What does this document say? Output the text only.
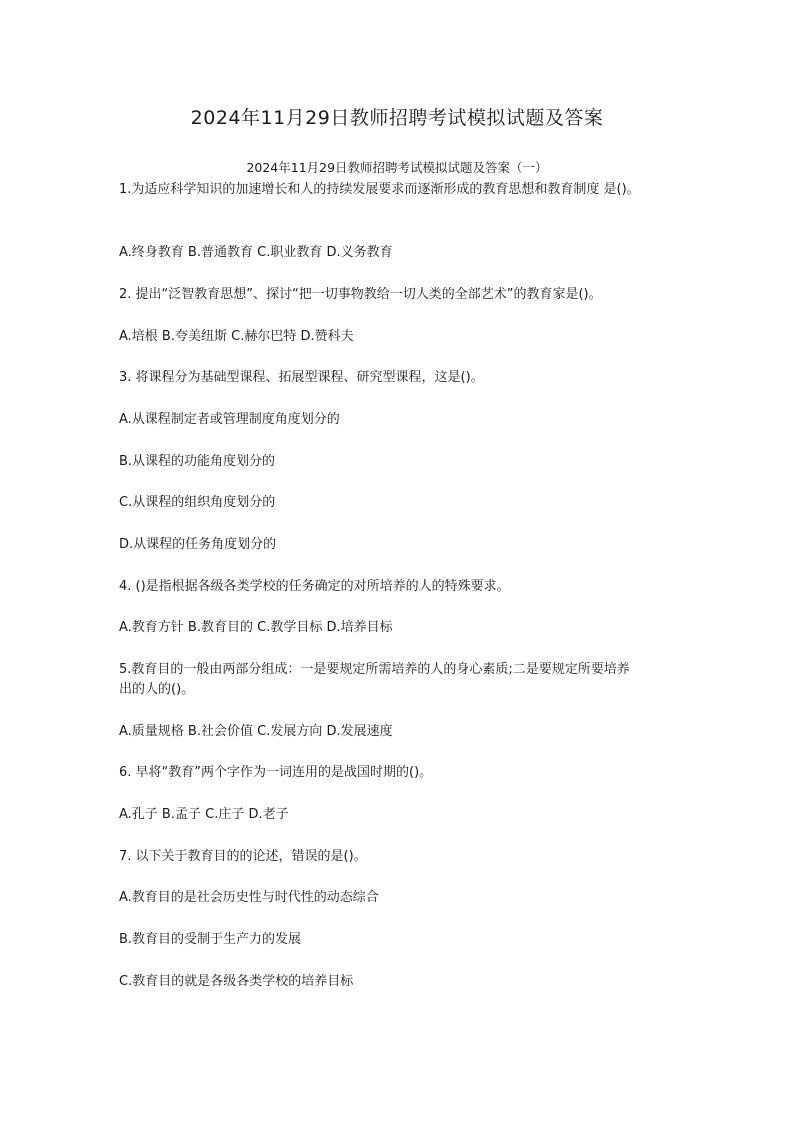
2024年11月29日教师招聘考试模拟试题及答案
2024年11月29日教师招聘考试模拟试题及答案（一）
1.为适应科学知识的加速增长和人的持续发展要求而逐渐形成的教育思想和教育制度 是()。
A.终身教育 B.普通教育 C.职业教育 D.义务教育
2. 提出“泛智教育思想”、探讨“把一切事物教给一切人类的全部艺术”的教育家是()。
A.培根 B.夸美纽斯 C.赫尔巴特 D.赞科夫
3. 将课程分为基础型课程、拓展型课程、研究型课程，这是()。
A.从课程制定者或管理制度角度划分的
B.从课程的功能角度划分的
C.从课程的组织角度划分的
D.从课程的任务角度划分的
4. ()是指根据各级各类学校的任务确定的对所培养的人的特殊要求。
A.教育方针 B.教育目的 C.教学目标 D.培养目标
5.教育目的一般由两部分组成：一是要规定所需培养的人的身心素质;二是要规定所要培养
出的人的()。
A.质量规格 B.社会价值 C.发展方向 D.发展速度
6. 早将“教育”两个字作为一词连用的是战国时期的()。
A.孔子 B.孟子 C.庄子 D.老子
7. 以下关于教育目的的论述，错误的是()。
A.教育目的是社会历史性与时代性的动态综合
B.教育目的受制于生产力的发展
C.教育目的就是各级各类学校的培养目标
